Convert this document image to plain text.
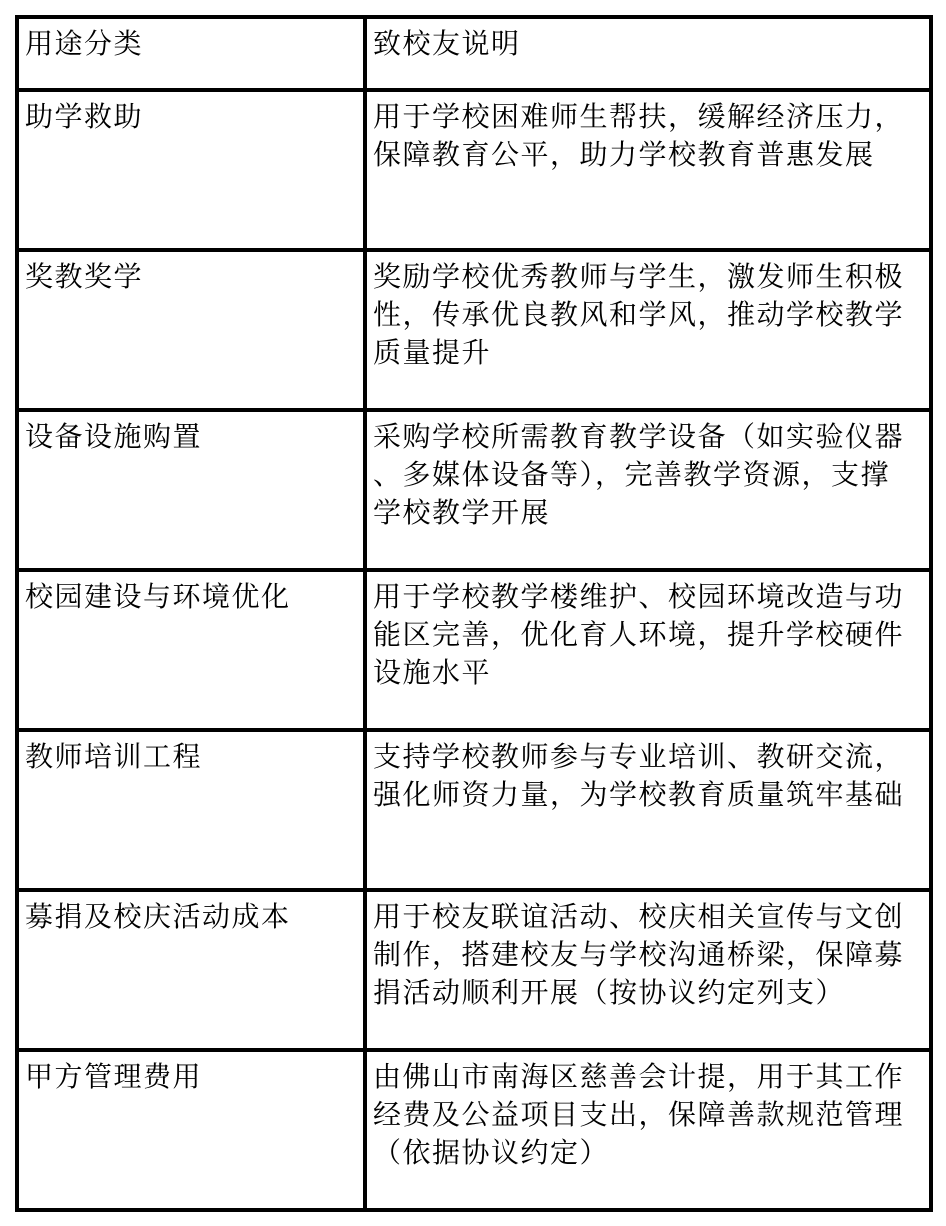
用途分类	致校友说明
助学救助	用于学校困难师生帮扶，缓解经济压力，
保障教育公平，助力学校教育普惠发展

奖教奖学	奖励学校优秀教师与学生，激发师生积极
性，传承优良教风和学风，推动学校教学
质量提升

设备设施购置	采购学校所需教育教学设备（如实验仪器
、多媒体设备等），完善教学资源，支撑
学校教学开展

校园建设与环境优化	用于学校教学楼维护、校园环境改造与功
能区完善，优化育人环境，提升学校硬件
设施水平

教师培训工程	支持学校教师参与专业培训、教研交流，
强化师资力量，为学校教育质量筑牢基础

募捐及校庆活动成本	用于校友联谊活动、校庆相关宣传与文创
制作，搭建校友与学校沟通桥梁，保障募
捐活动顺利开展（按协议约定列支）

甲方管理费用	由佛山市南海区慈善会计提，用于其工作
经费及公益项目支出，保障善款规范管理
（依据协议约定）
